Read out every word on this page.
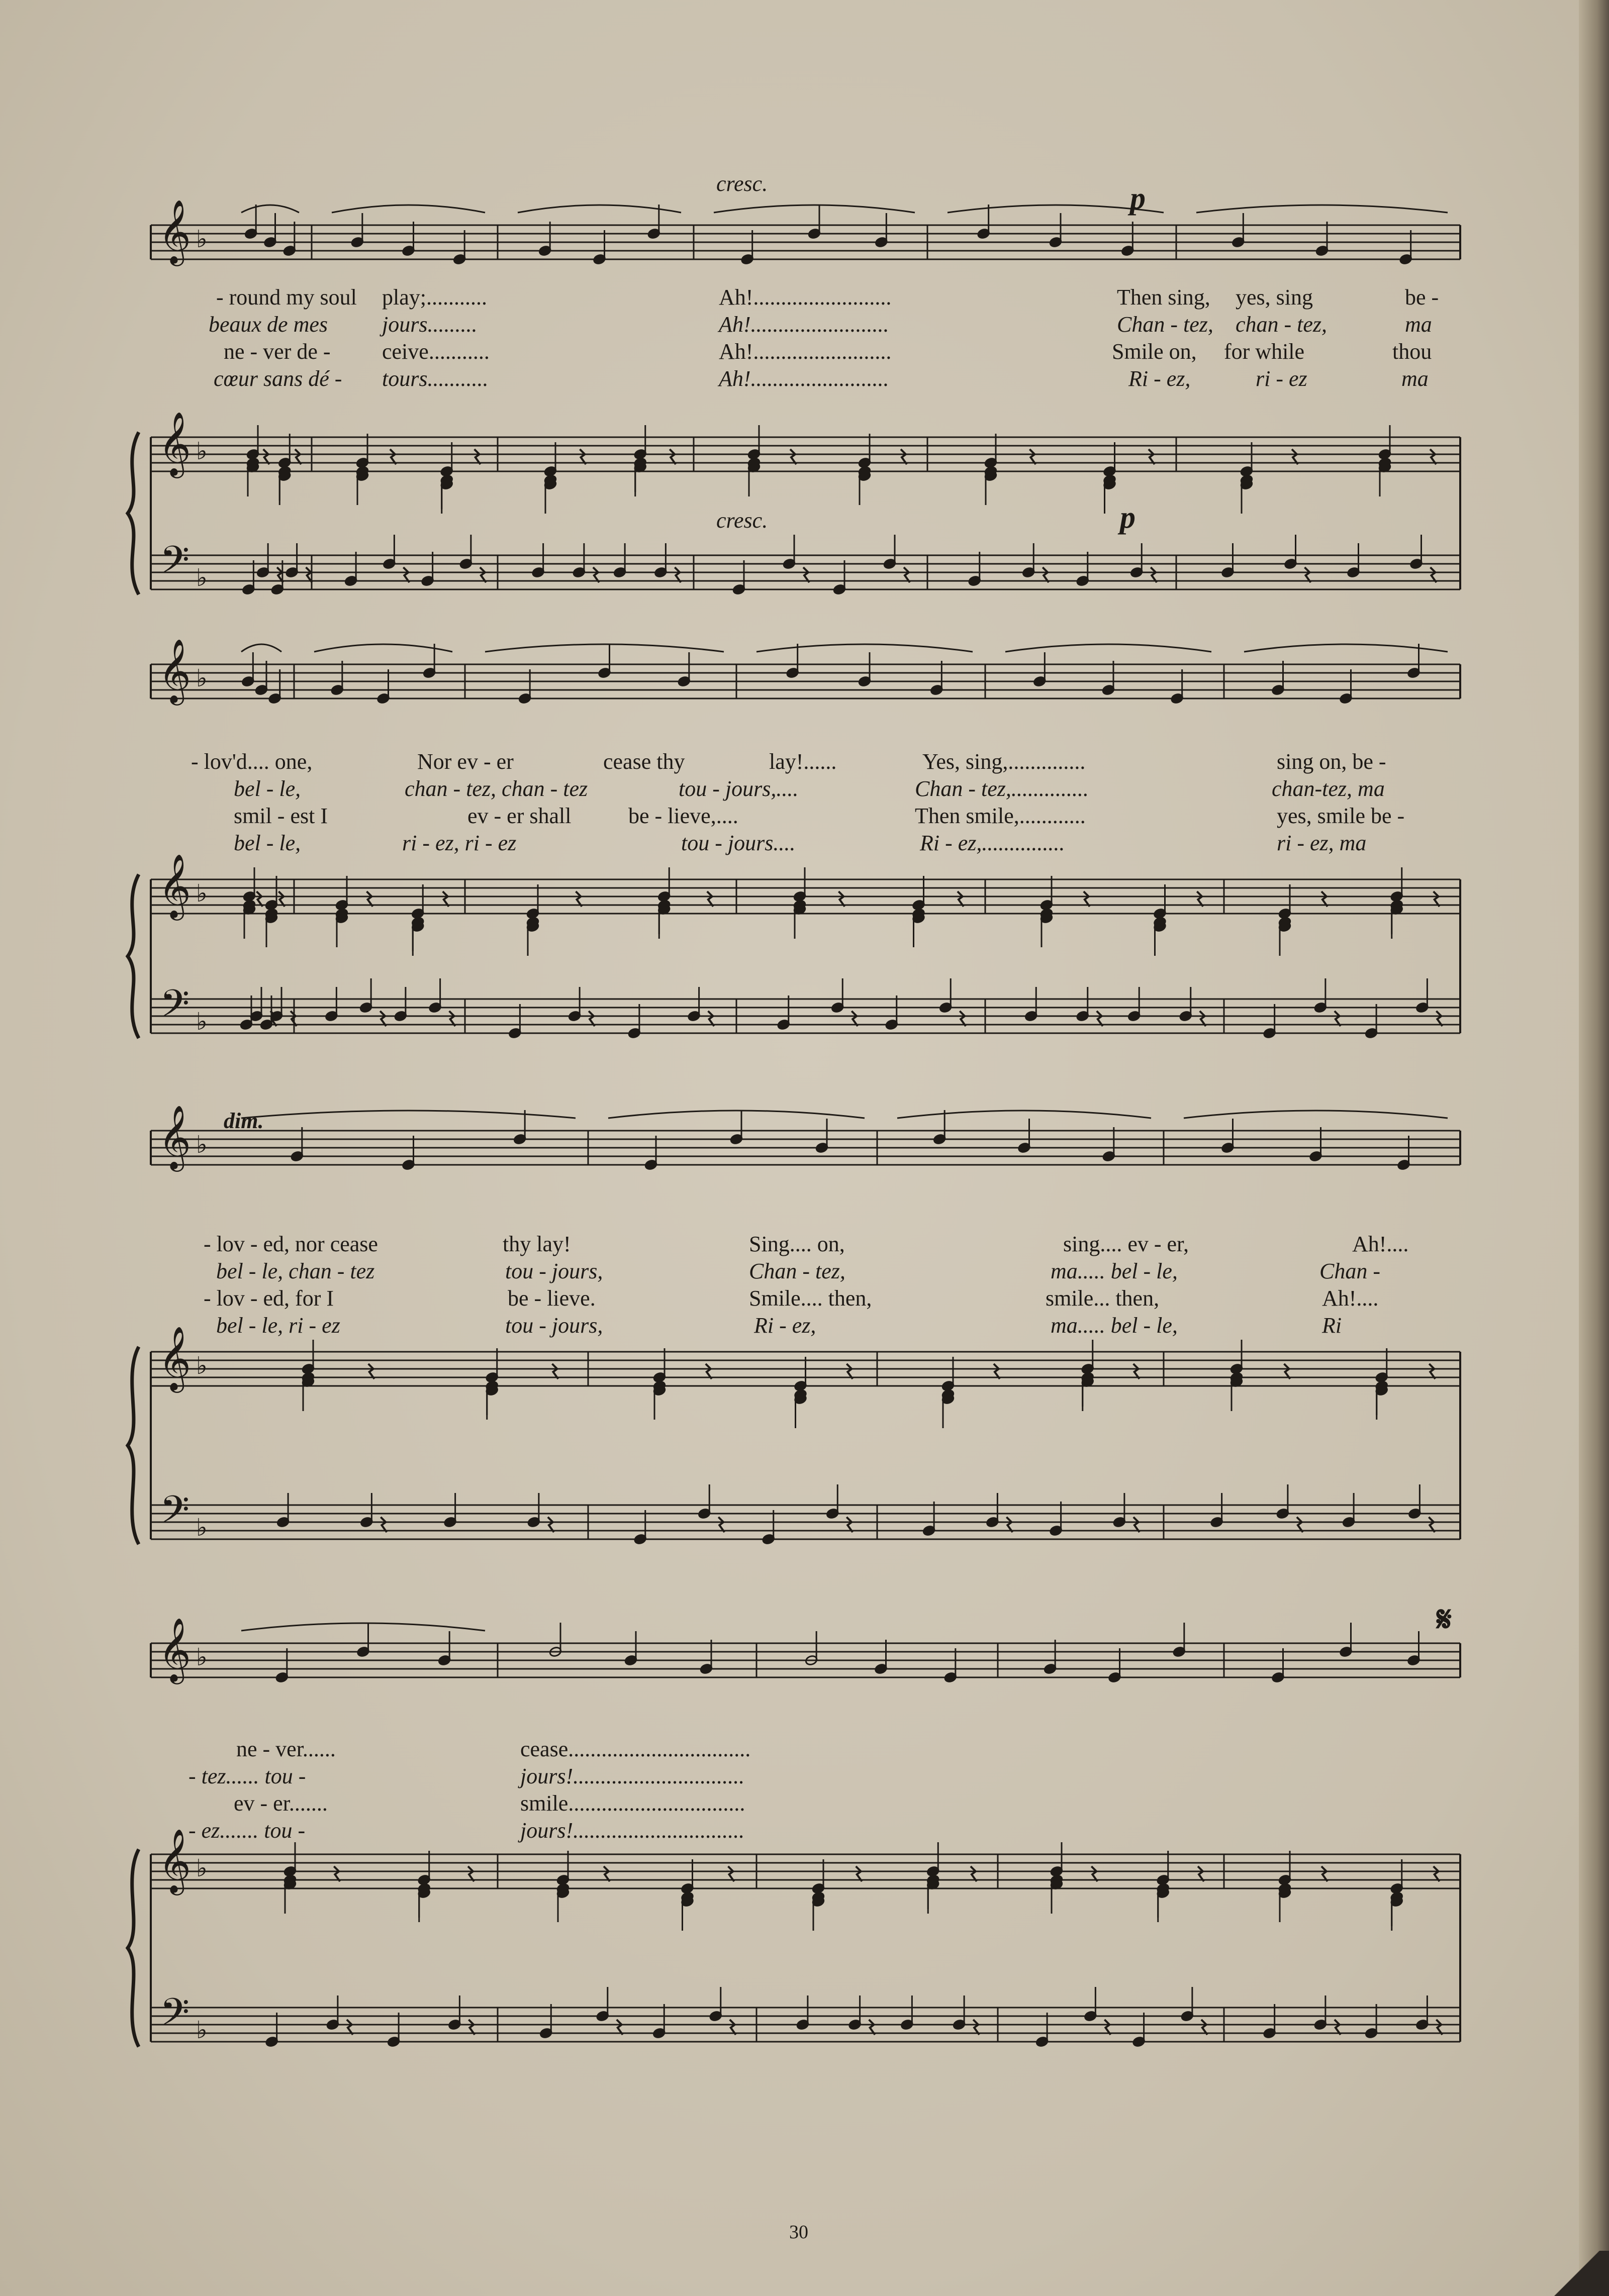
𝄞
𝄞
𝄢
♭
♭
♭
𝄞
𝄞
𝄢
♭
♭
♭
𝄞
𝄞
𝄢
♭
♭
♭
𝄞
𝄞
𝄢
♭
♭
♭
cresc.	p
cresc.	p
- round my soul play;...........	Ah!.........................	Then sing, yes, sing	be -
beaux de mes jours.........	Ah!.........................	Chan - tez, chan - tez,	ma
ne - ver de - ceive...........	Ah!.........................	Smile on, for while	thou
cœur sans dé - tours...........	Ah!.........................	Ri - ez,	ri - ez	ma
- lov'd.... one,	Nor ev - er	cease thy	lay!......	Yes, sing,..............	sing on, be -
bel - le,	chan - tez, chan - tez	tou - jours,....	Chan - tez,..............	chan-tez, ma
smil - est I	ev - er shall	be - lieve,....	Then smile,............	yes, smile be -
bel - le,	ri - ez, ri - ez	tou - jours....	Ri - ez,...............	ri - ez, ma
dim.
- lov - ed, nor cease	thy lay!	Sing.... on,	sing.... ev - er,	Ah!....
bel - le, chan - tez	tou - jours,	Chan - tez,	ma..... bel - le,	Chan -
- lov - ed, for I	be - lieve.	Smile.... then,	smile... then,	Ah!....
bel - le, ri - ez	tou - jours,	Ri - ez,	ma..... bel - le,	Ri
𝄋
ne - ver......	cease.................................
- tez...... tou -	jours!...............................
ev - er.......	smile................................
- ez....... tou -	jours!...............................
30
